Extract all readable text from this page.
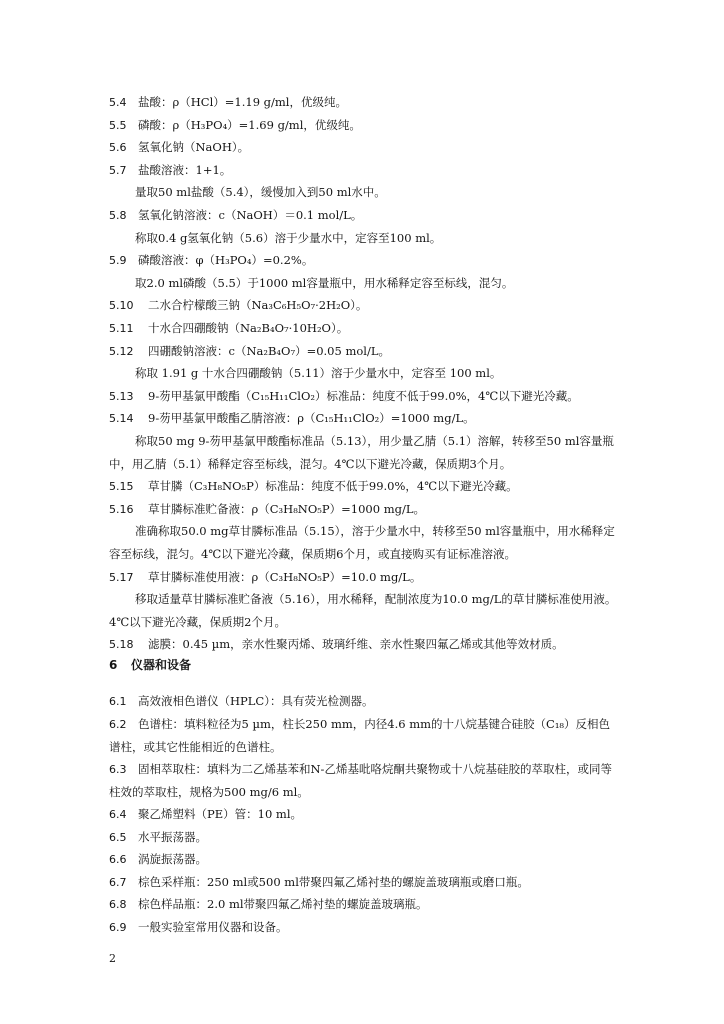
5.4 盐酸：ρ（HCl）=1.19 g/ml，优级纯。

5.5 磷酸：ρ（H₃PO₄）=1.69 g/ml，优级纯。

5.6 氢氧化钠（NaOH）。

5.7 盐酸溶液：1+1。

量取50 ml盐酸（5.4），缓慢加入到50 ml水中。

5.8 氢氧化钠溶液：c（NaOH）＝0.1 mol/L。

称取0.4 g氢氧化钠（5.6）溶于少量水中，定容至100 ml。

5.9 磷酸溶液：φ（H₃PO₄）=0.2%。

取2.0 ml磷酸（5.5）于1000 ml容量瓶中，用水稀释定容至标线，混匀。

5.10 二水合柠檬酸三钠（Na₃C₆H₅O₇·2H₂O）。

5.11 十水合四硼酸钠（Na₂B₄O₇·10H₂O）。

5.12 四硼酸钠溶液：c（Na₂B₄O₇）=0.05 mol/L。

称取 1.91 g 十水合四硼酸钠（5.11）溶于少量水中，定容至 100 ml。

5.13 9-芴甲基氯甲酸酯（C₁₅H₁₁ClO₂）标准品：纯度不低于99.0%，4℃以下避光冷藏。

5.14 9-芴甲基氯甲酸酯乙腈溶液：ρ（C₁₅H₁₁ClO₂）=1000 mg/L。

称取50 mg 9-芴甲基氯甲酸酯标准品（5.13），用少量乙腈（5.1）溶解，转移至50 ml容量瓶中，用乙腈（5.1）稀释定容至标线，混匀。4℃以下避光冷藏，保质期3个月。

5.15 草甘膦（C₃H₈NO₅P）标准品：纯度不低于99.0%，4℃以下避光冷藏。

5.16 草甘膦标准贮备液：ρ（C₃H₈NO₅P）=1000 mg/L。

准确称取50.0 mg草甘膦标准品（5.15），溶于少量水中，转移至50 ml容量瓶中，用水稀释定容至标线，混匀。4℃以下避光冷藏，保质期6个月，或直接购买有证标准溶液。

5.17 草甘膦标准使用液：ρ（C₃H₈NO₅P）=10.0 mg/L。

移取适量草甘膦标准贮备液（5.16），用水稀释，配制浓度为10.0 mg/L的草甘膦标准使用液。4℃以下避光冷藏，保质期2个月。

5.18 滤膜：0.45 µm，亲水性聚丙烯、玻璃纤维、亲水性聚四氟乙烯或其他等效材质。

6 仪器和设备

6.1 高效液相色谱仪（HPLC）：具有荧光检测器。

6.2 色谱柱：填料粒径为5 µm，柱长250 mm，内径4.6 mm的十八烷基键合硅胶（C₁₈）反相色谱柱，或其它性能相近的色谱柱。

6.3 固相萃取柱：填料为二乙烯基苯和N-乙烯基吡咯烷酮共聚物或十八烷基硅胶的萃取柱，或同等柱效的萃取柱，规格为500 mg/6 ml。

6.4 聚乙烯塑料（PE）管：10 ml。

6.5 水平振荡器。

6.6 涡旋振荡器。

6.7 棕色采样瓶：250 ml或500 ml带聚四氟乙烯衬垫的螺旋盖玻璃瓶或磨口瓶。

6.8 棕色样品瓶：2.0 ml带聚四氟乙烯衬垫的螺旋盖玻璃瓶。

6.9 一般实验室常用仪器和设备。

2
